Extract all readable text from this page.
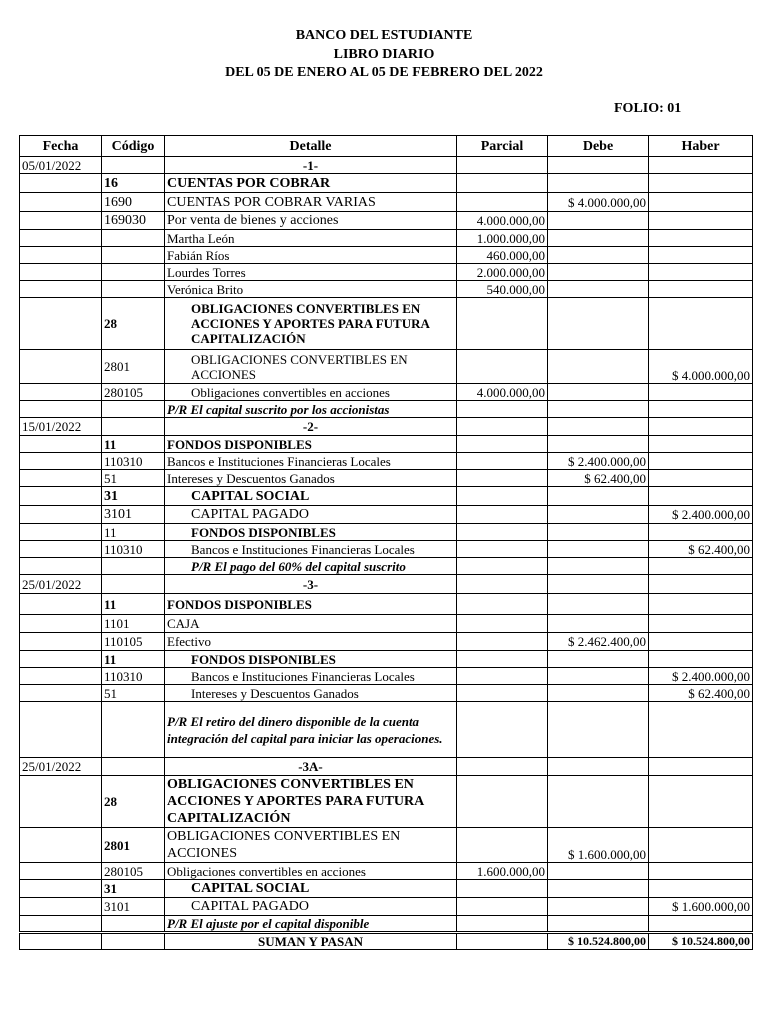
BANCO DEL ESTUDIANTE
LIBRO DIARIO
DEL 05 DE ENERO AL 05 DE FEBRERO DEL 2022
FOLIO: 01
Fecha	Código	Detalle	Parcial	Debe	Haber
05/01/2022		-1-			
	16	CUENTAS POR COBRAR			
	1690	CUENTAS POR COBRAR VARIAS		$ 4.000.000,00	
	169030	Por venta de bienes y acciones	4.000.000,00		
		Martha León	1.000.000,00		
		Fabián Ríos	460.000,00		
		Lourdes Torres	2.000.000,00		
		Verónica Brito	540.000,00		
	28	OBLIGACIONES CONVERTIBLES EN ACCIONES Y APORTES PARA FUTURA CAPITALIZACIÓN			
	2801	OBLIGACIONES CONVERTIBLES EN ACCIONES			$ 4.000.000,00
	280105	Obligaciones convertibles en acciones	4.000.000,00		
		P/R El capital suscrito por los accionistas			
15/01/2022		-2-			
	11	FONDOS DISPONIBLES			
	110310	Bancos e Instituciones Financieras Locales		$ 2.400.000,00	
	51	Intereses y Descuentos Ganados		$ 62.400,00	
	31	CAPITAL SOCIAL			
	3101	CAPITAL PAGADO			$ 2.400.000,00
	11	FONDOS DISPONIBLES			
	110310	Bancos e Instituciones Financieras Locales			$ 62.400,00
		P/R El pago del 60% del capital suscrito			
25/01/2022		-3-			
	11	FONDOS DISPONIBLES			
	1101	CAJA			
	110105	Efectivo		$ 2.462.400,00	
	11	FONDOS DISPONIBLES			
	110310	Bancos e Instituciones Financieras Locales			$ 2.400.000,00
	51	Intereses y Descuentos Ganados			$ 62.400,00
		P/R El retiro del dinero disponible de la cuenta integración del capital para iniciar las operaciones.			
25/01/2022		-3A-			
	28	OBLIGACIONES CONVERTIBLES EN ACCIONES Y APORTES PARA FUTURA CAPITALIZACIÓN			
	2801	OBLIGACIONES CONVERTIBLES EN ACCIONES		$ 1.600.000,00	
	280105	Obligaciones convertibles en acciones	1.600.000,00		
	31	CAPITAL SOCIAL			
	3101	CAPITAL PAGADO			$ 1.600.000,00
		P/R El ajuste por el capital disponible			
		SUMAN Y PASAN		$ 10.524.800,00	$ 10.524.800,00
